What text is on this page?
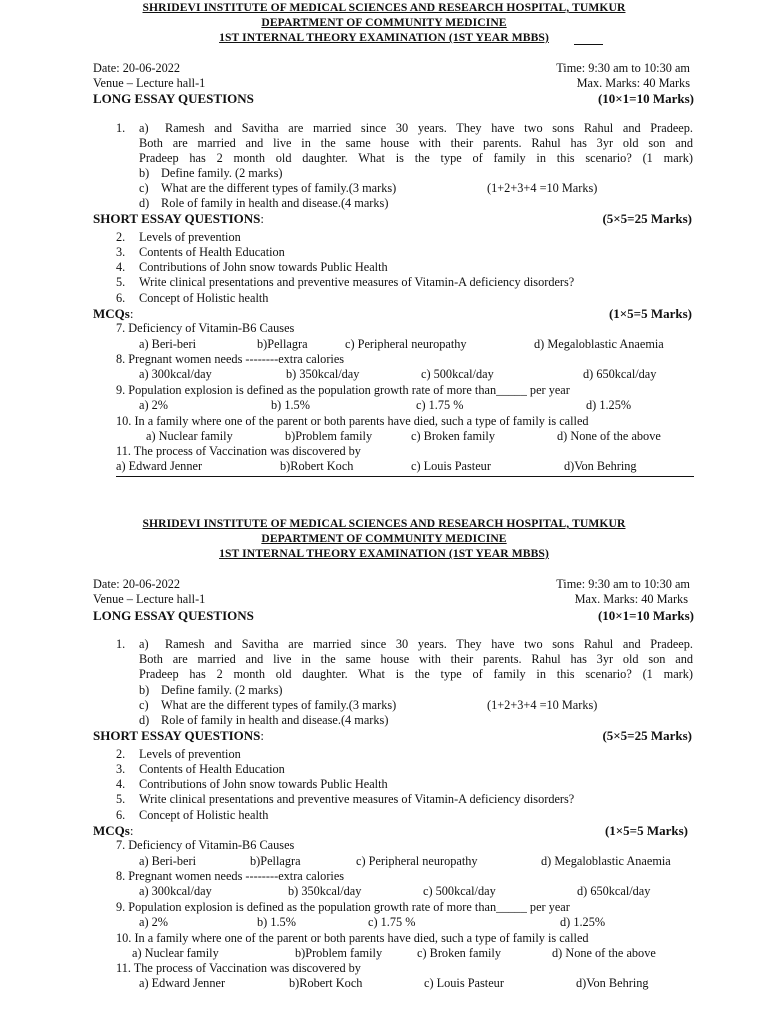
SHRIDEVI INSTITUTE OF MEDICAL SCIENCES AND RESEARCH HOSPITAL, TUMKUR
DEPARTMENT OF COMMUNITY MEDICINE
1ST INTERNAL THEORY EXAMINATION (1ST YEAR MBBS)
Date: 20-06-2022	Time: 9:30 am to 10:30 am
Venue – Lecture hall-1	Max. Marks: 40 Marks
LONG ESSAY QUESTIONS	(10×1=10 Marks)
1. a) Ramesh and Savitha are married since 30 years. They have two sons Rahul and Pradeep.
Both are married and live in the same house with their parents. Rahul has 3yr old son and
Pradeep has 2 month old daughter. What is the type of family in this scenario? (1 mark)
b) Define family. (2 marks)
c) What are the different types of family.(3 marks)	(1+2+3+4 =10 Marks)
d) Role of family in health and disease.(4 marks)
SHORT ESSAY QUESTIONS:	(5×5=25 Marks)
2. Levels of prevention
3. Contents of Health Education
4. Contributions of John snow towards Public Health
5. Write clinical presentations and preventive measures of Vitamin-A deficiency disorders?
6. Concept of Holistic health
MCQs:	(1×5=5 Marks)
7. Deficiency of Vitamin-B6 Causes
a) Beri-beri	b)Pellagra	c) Peripheral neuropathy	d) Megaloblastic Anaemia
8. Pregnant women needs --------extra calories
a) 300kcal/day	b) 350kcal/day	c) 500kcal/day	d) 650kcal/day
9. Population explosion is defined as the population growth rate of more than_____ per year
a) 2%	b) 1.5%	c) 1.75 %	d) 1.25%
10. In a family where one of the parent or both parents have died, such a type of family is called
a) Nuclear family	b)Problem family	c) Broken family	d) None of the above
11. The process of Vaccination was discovered by
a) Edward Jenner	b)Robert Koch	c) Louis Pasteur	d)Von Behring
SHRIDEVI INSTITUTE OF MEDICAL SCIENCES AND RESEARCH HOSPITAL, TUMKUR
DEPARTMENT OF COMMUNITY MEDICINE
1ST INTERNAL THEORY EXAMINATION (1ST YEAR MBBS)
Date: 20-06-2022	Time: 9:30 am to 10:30 am
Venue – Lecture hall-1	Max. Marks: 40 Marks
LONG ESSAY QUESTIONS	(10×1=10 Marks)
1. a) Ramesh and Savitha are married since 30 years. They have two sons Rahul and Pradeep.
Both are married and live in the same house with their parents. Rahul has 3yr old son and
Pradeep has 2 month old daughter. What is the type of family in this scenario? (1 mark)
b) Define family. (2 marks)
c) What are the different types of family.(3 marks)	(1+2+3+4 =10 Marks)
d) Role of family in health and disease.(4 marks)
SHORT ESSAY QUESTIONS:	(5×5=25 Marks)
2. Levels of prevention
3. Contents of Health Education
4. Contributions of John snow towards Public Health
5. Write clinical presentations and preventive measures of Vitamin-A deficiency disorders?
6. Concept of Holistic health
MCQs:	(1×5=5 Marks)
7. Deficiency of Vitamin-B6 Causes
a) Beri-beri	b)Pellagra	c) Peripheral neuropathy	d) Megaloblastic Anaemia
8. Pregnant women needs --------extra calories
a) 300kcal/day	b) 350kcal/day	c) 500kcal/day	d) 650kcal/day
9. Population explosion is defined as the population growth rate of more than_____ per year
a) 2%	b) 1.5%	c) 1.75 %	d) 1.25%
10. In a family where one of the parent or both parents have died, such a type of family is called
a) Nuclear family	b)Problem family	c) Broken family	d) None of the above
11. The process of Vaccination was discovered by
a) Edward Jenner	b)Robert Koch	c) Louis Pasteur	d)Von Behring
